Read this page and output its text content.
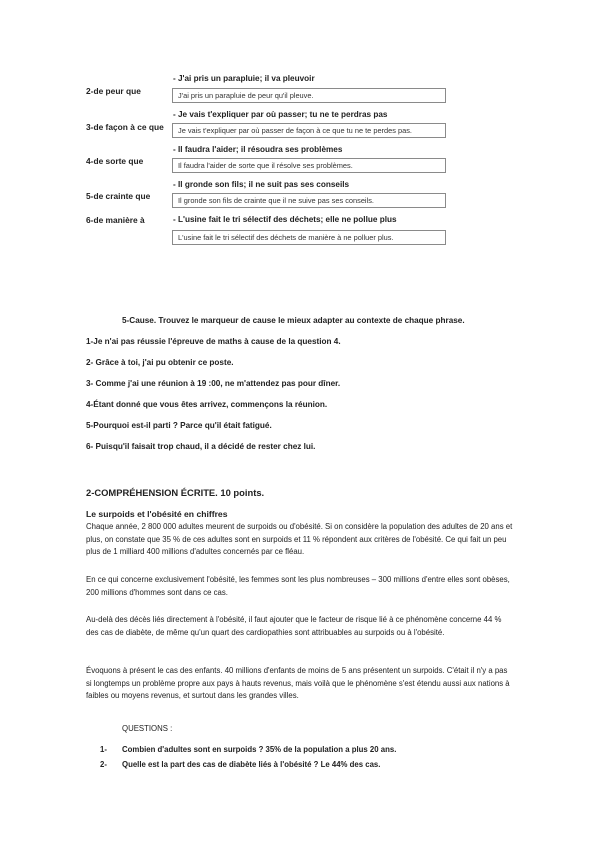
2-de peur que
- J'ai pris un parapluie; il va pleuvoir
J'ai pris un parapluie de peur qu'il pleuve.
3-de façon à ce que
- Je vais t'expliquer par où passer; tu ne te perdras pas
Je vais t'expliquer par où passer de façon à ce que tu ne te perdes pas.
4-de sorte que
- Il faudra l'aider; il résoudra ses problèmes
Il faudra l'aider de sorte que il résolve ses problèmes.
5-de crainte que
- Il gronde son fils; il ne suit pas ses conseils
Il gronde son fils de crainte que il ne suive pas ses conseils.
6-de manière à	- L'usine fait le tri sélectif des déchets; elle ne pollue plus
L'usine fait le tri sélectif des déchets de manière à ne polluer plus.
5-Cause. Trouvez le marqueur de cause le mieux adapter au contexte de chaque phrase.
1-Je n'ai pas réussie l'épreuve de maths à cause de la question 4.
2- Grâce à toi, j'ai pu obtenir ce poste.
3- Comme j'ai une réunion à 19 :00, ne m'attendez pas pour dîner.
4-Étant donné que vous êtes arrivez, commençons la réunion.
5-Pourquoi est-il parti ? Parce qu'il était fatigué.
6- Puisqu'il faisait trop chaud, il a décidé de rester chez lui.
2-COMPRÉHENSION ÉCRITE. 10 points.
Le surpoids et l'obésité en chiffres
Chaque année, 2 800 000 adultes meurent de surpoids ou d'obésité. Si on considère la population des adultes de 20 ans et plus, on constate que 35 % de ces adultes sont en surpoids et 11 % répondent aux critères de l'obésité. Ce qui fait un peu plus de 1 milliard 400 millions d'adultes concernés par ce fléau.
En ce qui concerne exclusivement l'obésité, les femmes sont les plus nombreuses – 300 millions d'entre elles sont obèses, 200 millions d'hommes sont dans ce cas.
Au-delà des décès liés directement à l'obésité, il faut ajouter que le facteur de risque lié à ce phénomène concerne 44 % des cas de diabète, de même qu'un quart des cardiopathies sont attribuables au surpoids ou à l'obésité.
Évoquons à présent le cas des enfants. 40 millions d'enfants de moins de 5 ans présentent un surpoids. C'était il n'y a pas si longtemps un problème propre aux pays à hauts revenus, mais voilà que le phénomène s'est étendu aussi aux nations à faibles ou moyens revenus, et surtout dans les grandes villes.
QUESTIONS :
1- Combien d'adultes sont en surpoids ? 35% de la population a plus 20 ans.
2- Quelle est la part des cas de diabète liés à l'obésité ? Le 44% des cas.
